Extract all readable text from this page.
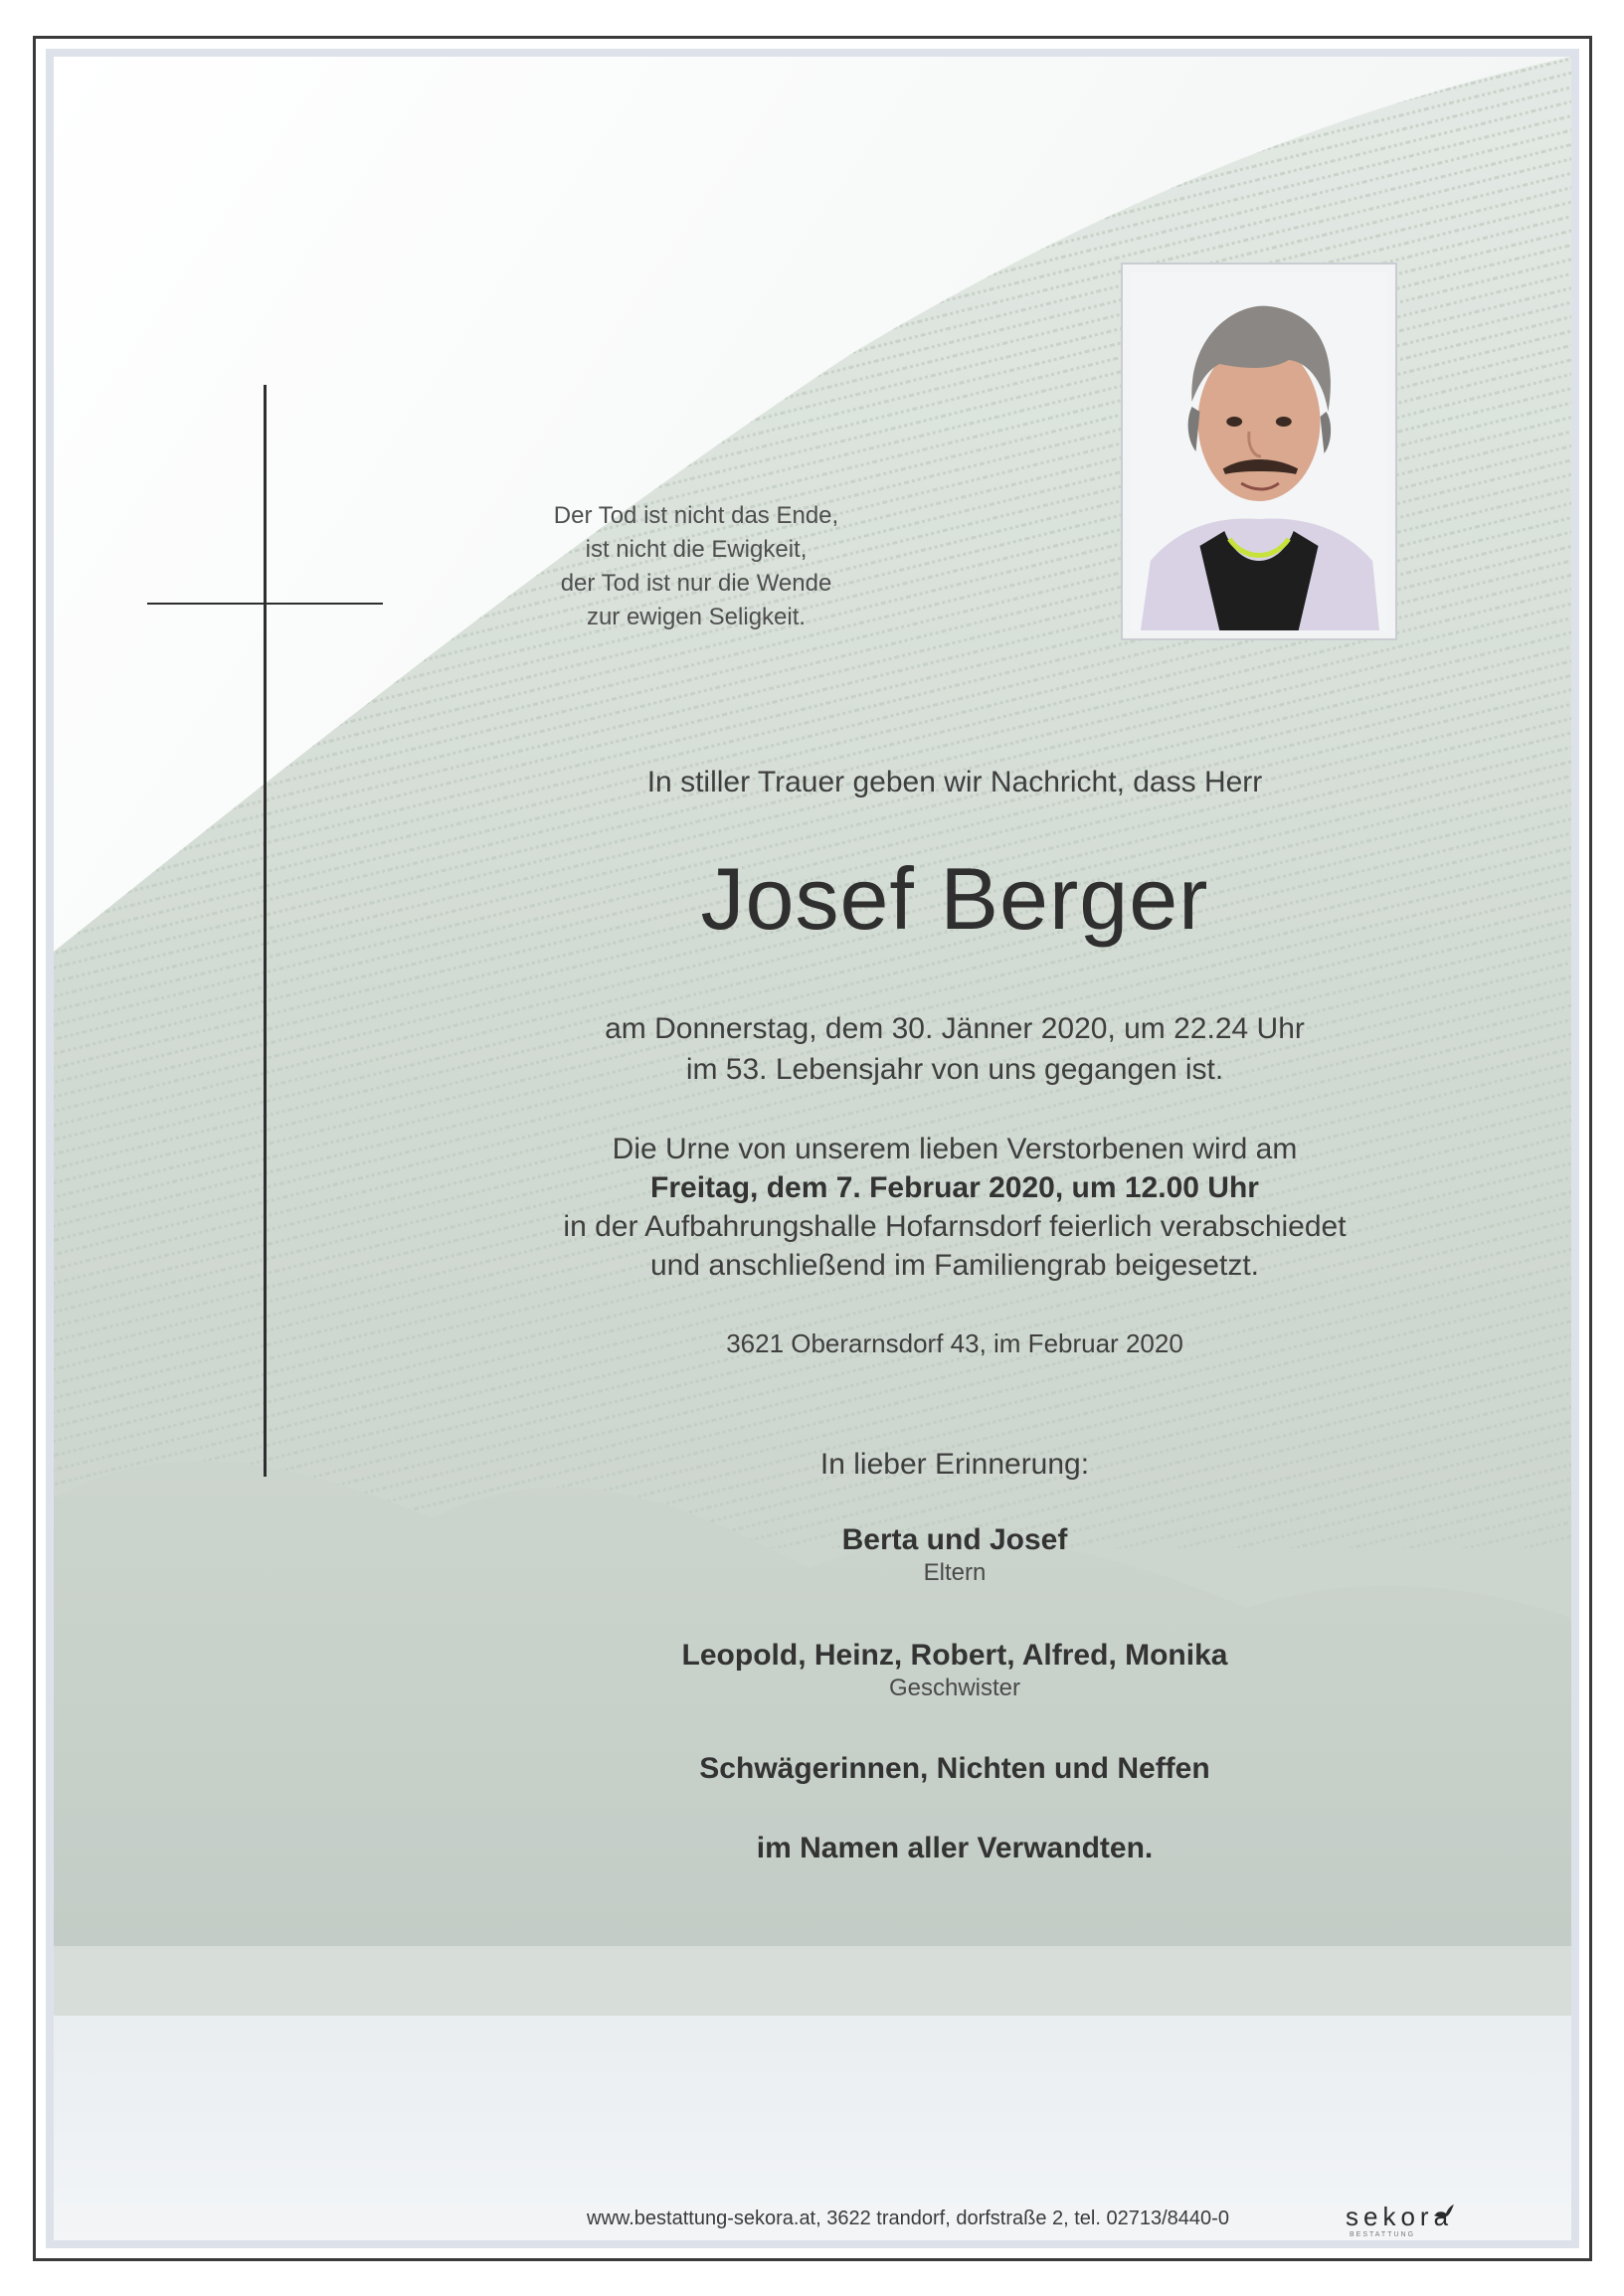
Der Tod ist nicht das Ende,
ist nicht die Ewigkeit,
der Tod ist nur die Wende
zur ewigen Seligkeit.
In stiller Trauer geben wir Nachricht, dass Herr
Josef Berger
am Donnerstag, dem 30. Jänner 2020, um 22.24 Uhr
im 53. Lebensjahr von uns gegangen ist.
Die Urne von unserem lieben Verstorbenen wird am
Freitag, dem 7. Februar 2020, um 12.00 Uhr
in der Aufbahrungshalle Hofarnsdorf feierlich verabschiedet
und anschließend im Familiengrab beigesetzt.
3621 Oberarnsdorf 43, im Februar 2020
In lieber Erinnerung:
Berta und Josef
Eltern
Leopold, Heinz, Robert, Alfred, Monika
Geschwister
Schwägerinnen, Nichten und Neffen
im Namen aller Verwandten.
www.bestattung-sekora.at, 3622 trandorf, dorfstraße 2, tel. 02713/8440-0	sekora
BESTATTUNG
